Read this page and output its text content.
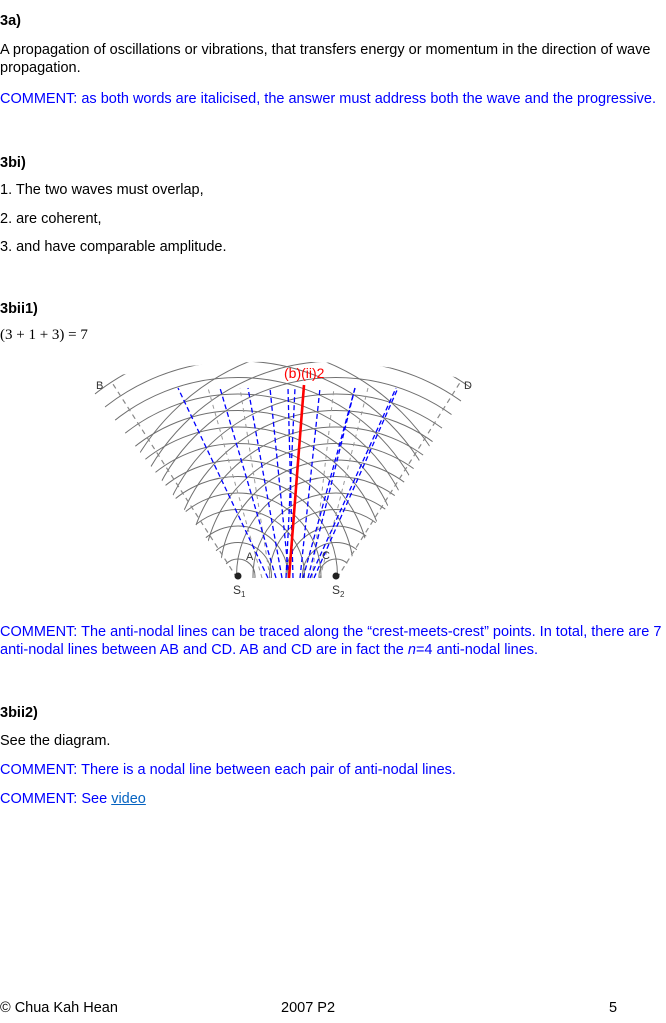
3a)
A propagation of oscillations or vibrations, that transfers energy or momentum in the direction of wave propagation.
COMMENT: as both words are italicised, the answer must address both the wave and the progressive.
3bi)
1. The two waves must overlap,
2. are coherent,
3. and have comparable amplitude.
3bii1)
(3 + 1 + 3) = 7
(b)(ii)2
B	D
A	C
$S_1$	$S_2$
COMMENT: The anti-nodal lines can be traced along the “crest-meets-crest” points. In total, there are 7 anti-nodal lines between AB and CD. AB and CD are in fact the n=4 anti-nodal lines.
3bii2)
See the diagram.
COMMENT: There is a nodal line between each pair of anti-nodal lines.
COMMENT: See video
© Chua Kah Hean	2007 P2	5
